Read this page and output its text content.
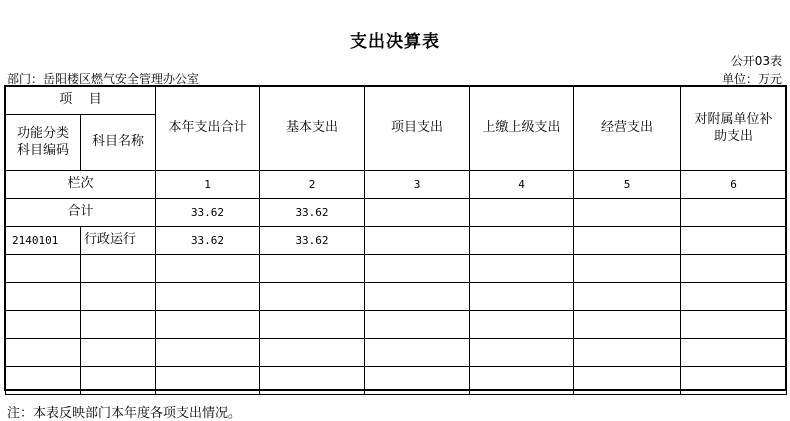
支出决算表
公开03表
部门：岳阳楼区燃气安全管理办公室	单位：万元
项    目		本年支出合计	基本支出	项目支出	上缴上级支出	经营支出	对附属单位补助支出
功能分类科目编码	科目名称						
栏次		1	2	3	4	5	6
合计		33.62	33.62				
2140101	行政运行	33.62	33.62				

注：本表反映部门本年度各项支出情况。
